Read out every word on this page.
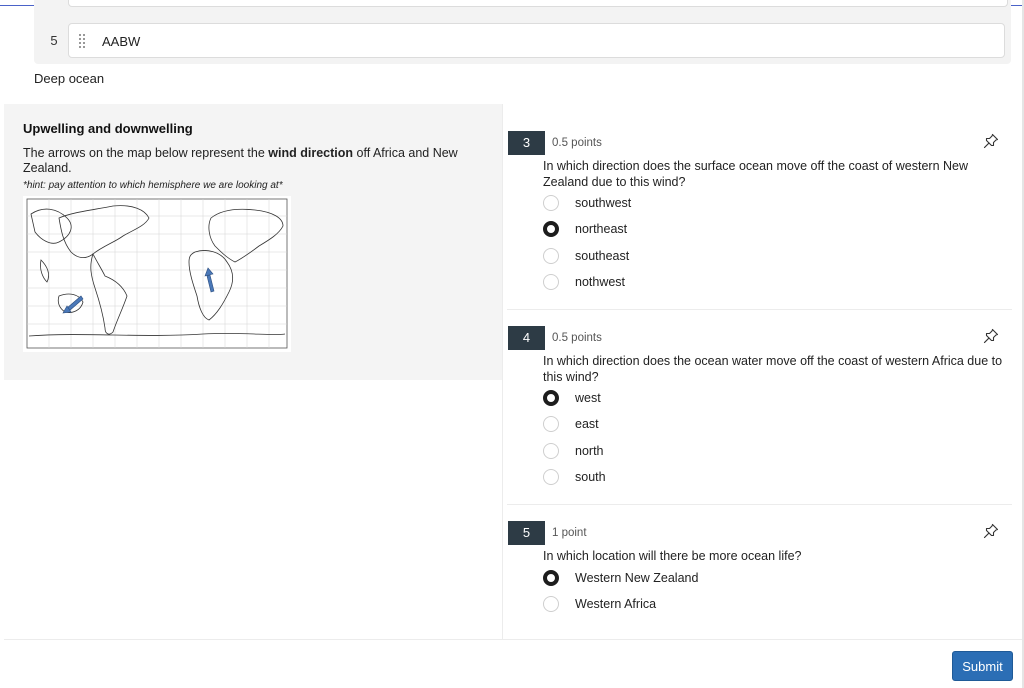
5	AABW
Deep ocean
Upwelling and downwelling
The arrows on the map below represent the wind direction off Africa and New Zealand.
*hint: pay attention to which hemisphere we are looking at*
3	0.5 points
In which direction does the surface ocean move off the coast of western New Zealand due to this wind?
southwest
northeast
southeast
nothwest
4	0.5 points
In which direction does the ocean water move off the coast of western Africa due to this wind?
west
east
north
south
5	1 point
In which location will there be more ocean life?
Western New Zealand
Western Africa
Submit
